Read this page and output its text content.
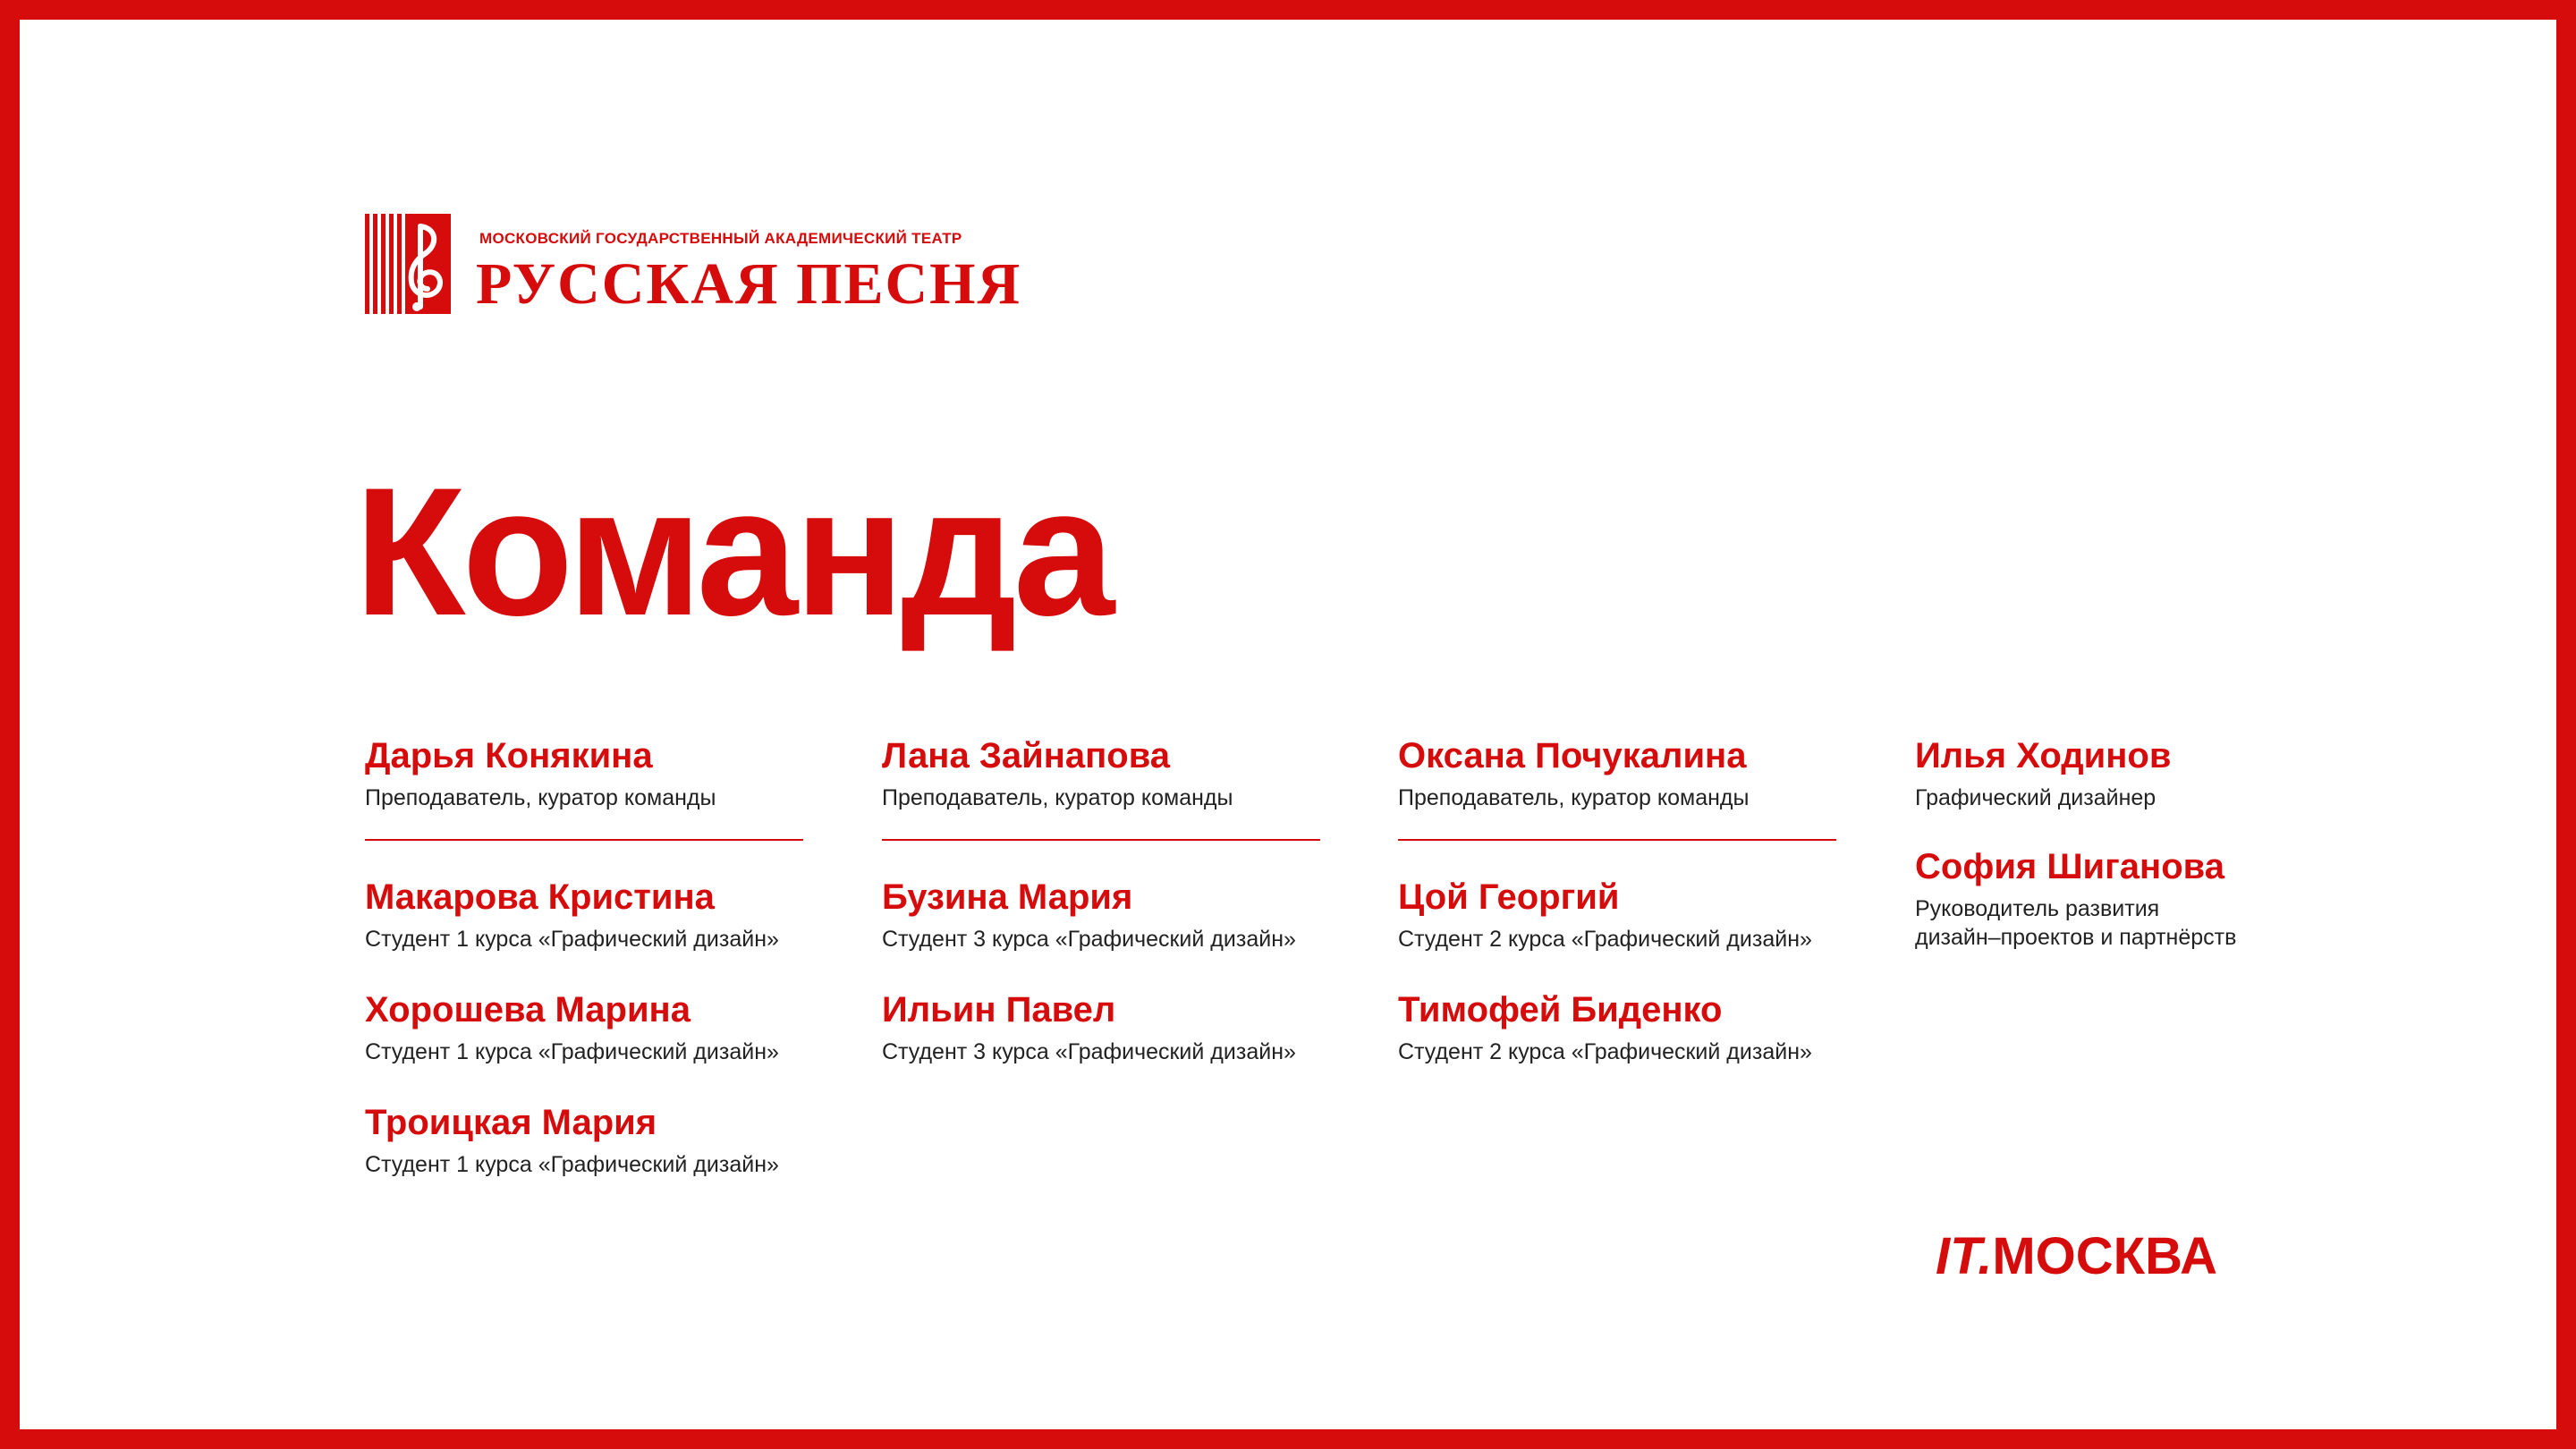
МОСКОВСКИЙ ГОСУДАРСТВЕННЫЙ АКАДЕМИЧЕСКИЙ ТЕАТР
РУССКАЯ ПЕСНЯ
Команда
Дарья Конякина
Преподаватель, куратор команды
Макарова Кристина
Студент 1 курса «Графический дизайн»
Хорошева Марина
Студент 1 курса «Графический дизайн»
Троицкая Мария
Студент 1 курса «Графический дизайн»
Лана Зайнапова
Преподаватель, куратор команды
Бузина Мария
Студент 3 курса «Графический дизайн»
Ильин Павел
Студент 3 курса «Графический дизайн»
Оксана Почукалина
Преподаватель, куратор команды
Цой Георгий
Студент 2 курса «Графический дизайн»
Тимофей Биденко
Студент 2 курса «Графический дизайн»
Илья Ходинов
Графический дизайнер
София Шиганова
Руководитель развития
дизайн–проектов и партнёрств
IT.МОСКВА
